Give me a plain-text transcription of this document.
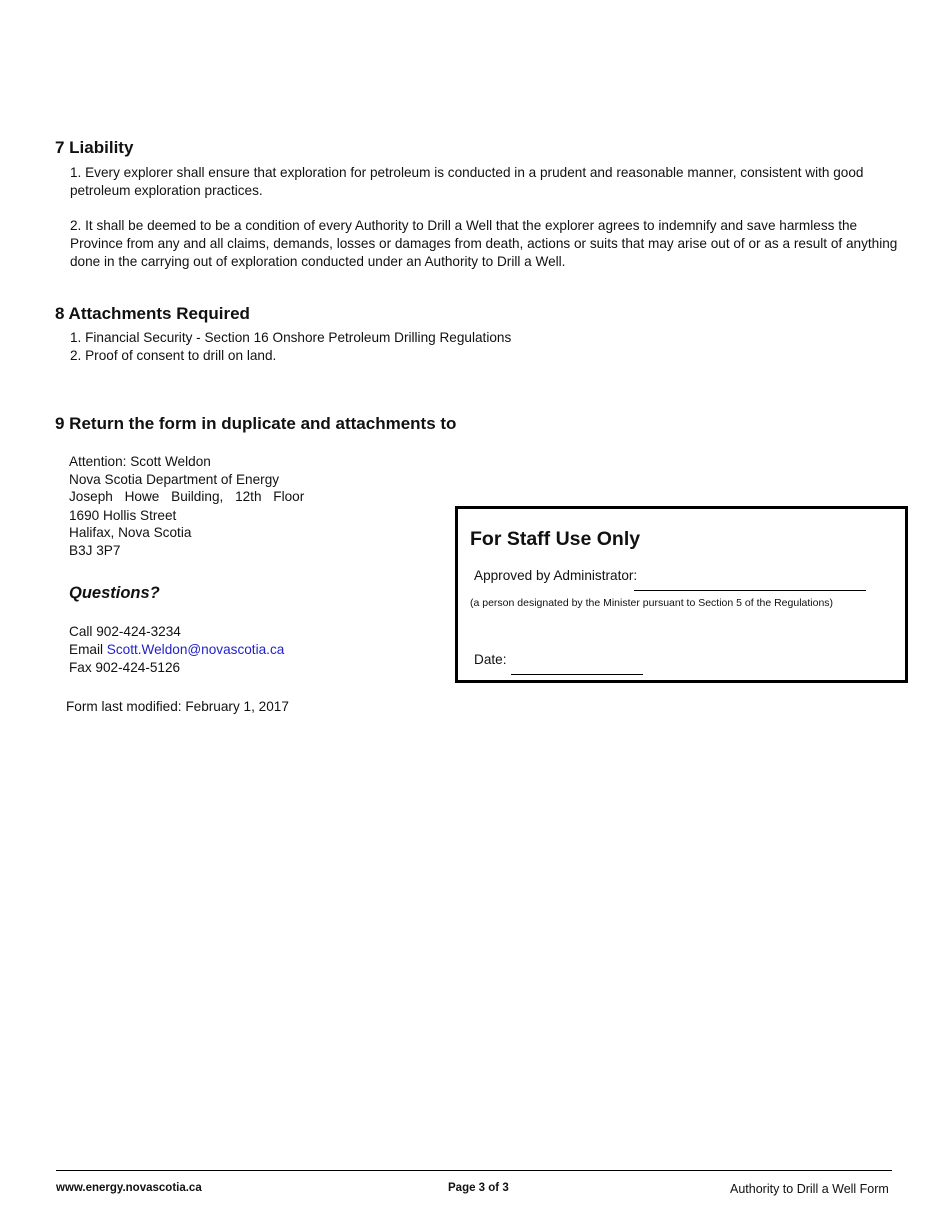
7 Liability
1. Every explorer shall ensure that exploration for petroleum is conducted in a prudent and reasonable manner, consistent with good petroleum exploration practices.
2. It shall be deemed to be a condition of every Authority to Drill a Well that the explorer agrees to indemnify and save harmless the Province from any and all claims, demands, losses or damages from death, actions or suits that may arise out of or as a result of anything done in the carrying out of exploration conducted under an Authority to Drill a Well.
8 Attachments Required
1. Financial Security - Section 16 Onshore Petroleum Drilling Regulations
2. Proof of consent to drill on land.
9 Return the form in duplicate and attachments to
Attention: Scott Weldon
Nova Scotia Department of Energy
Joseph Howe Building, 12th Floor
1690 Hollis Street
Halifax, Nova Scotia
B3J 3P7
Questions?
Call 902-424-3234
Email Scott.Weldon@novascotia.ca
Fax 902-424-5126
Form last modified: February 1, 2017
For Staff Use Only
Approved by Administrator:
(a person designated by the Minister pursuant to Section 5 of the Regulations)
Date:
www.energy.novascotia.ca	Page 3 of 3	Authority to Drill a Well Form
